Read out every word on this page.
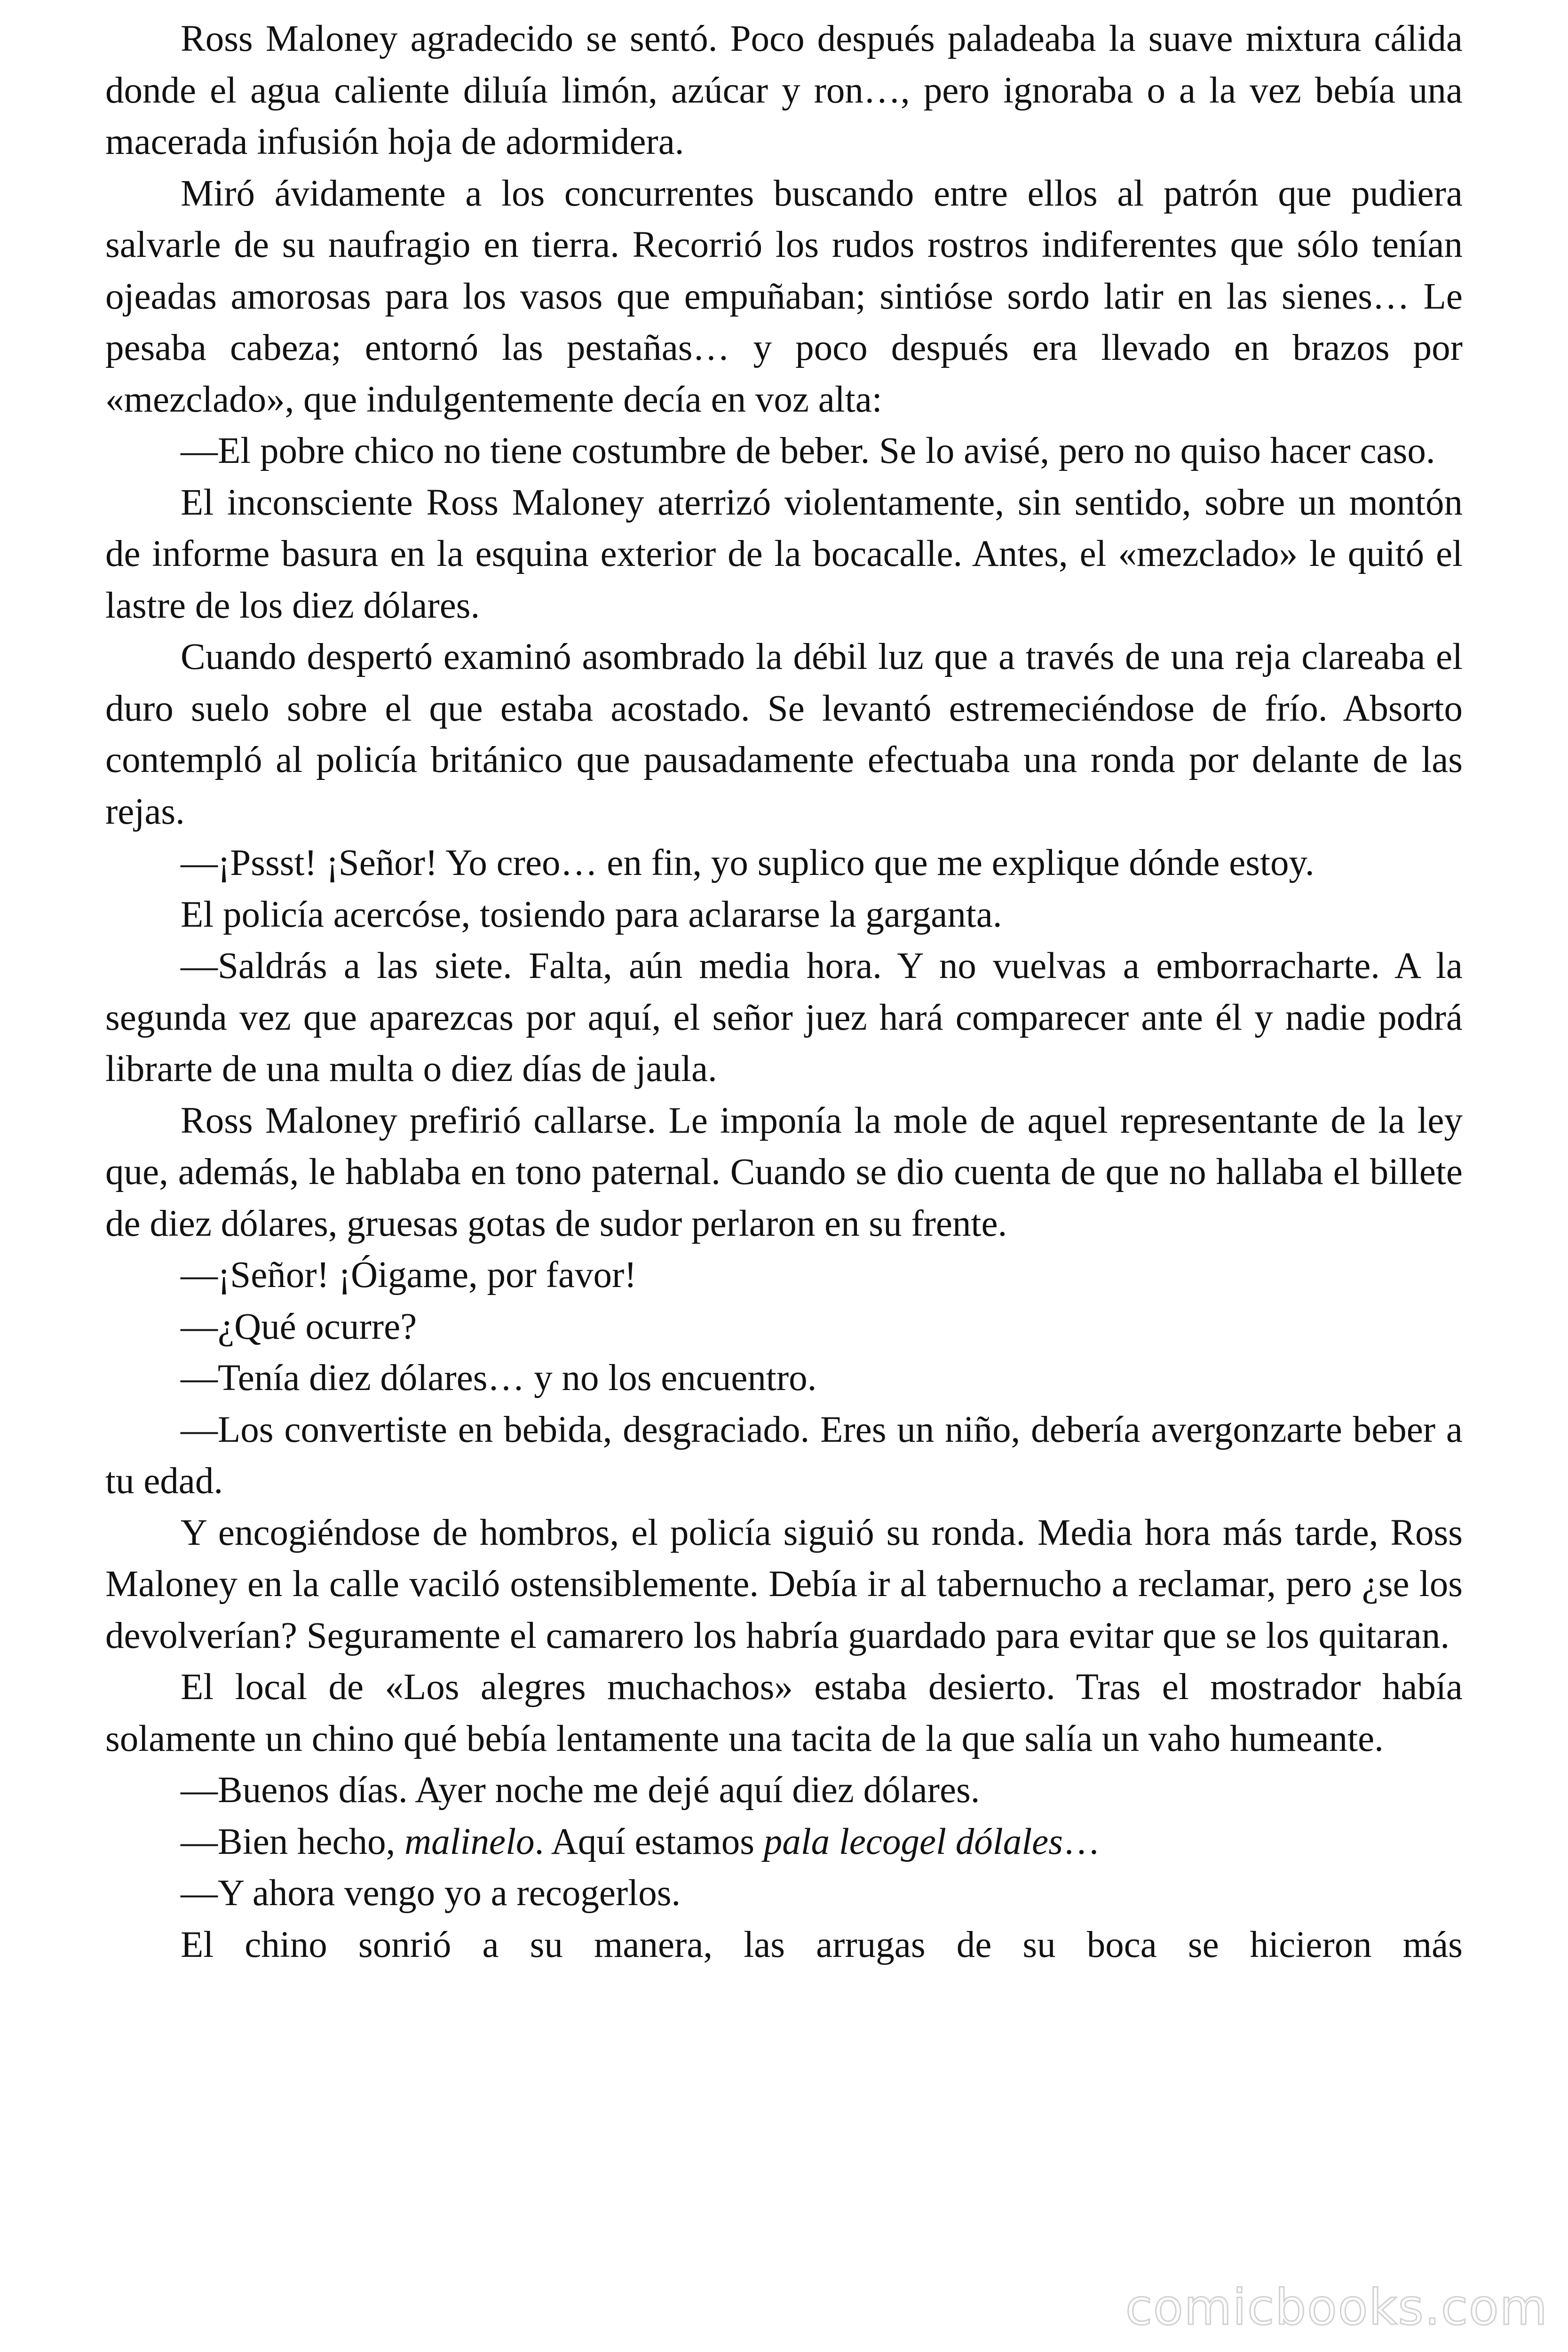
Ross Maloney agradecido se sentó. Poco después paladeaba la suave mixtura cálida donde el agua caliente diluía limón, azúcar y ron…, pero ignoraba o a la vez bebía una macerada infusión hoja de adormidera.

Miró ávidamente a los concurrentes buscando entre ellos al patrón que pudiera salvarle de su naufragio en tierra. Recorrió los rudos rostros indiferentes que sólo tenían ojeadas amorosas para los vasos que empuñaban; sintióse sordo latir en las sienes… Le pesaba cabeza; entornó las pestañas… y poco después era llevado en brazos por «mezclado», que indulgentemente decía en voz alta:

—El pobre chico no tiene costumbre de beber. Se lo avisé, pero no quiso hacer caso.

El inconsciente Ross Maloney aterrizó violentamente, sin sentido, sobre un montón de informe basura en la esquina exterior de la bocacalle. Antes, el «mezclado» le quitó el lastre de los diez dólares.

Cuando despertó examinó asombrado la débil luz que a través de una reja clareaba el duro suelo sobre el que estaba acostado. Se levantó estremeciéndose de frío. Absorto contempló al policía británico que pausadamente efectuaba una ronda por delante de las rejas.

—¡Pssst! ¡Señor! Yo creo… en fin, yo suplico que me explique dónde estoy.

El policía acercóse, tosiendo para aclararse la garganta.

—Saldrás a las siete. Falta, aún media hora. Y no vuelvas a emborracharte. A la segunda vez que aparezcas por aquí, el señor juez hará comparecer ante él y nadie podrá librarte de una multa o diez días de jaula.

Ross Maloney prefirió callarse. Le imponía la mole de aquel representante de la ley que, además, le hablaba en tono paternal. Cuando se dio cuenta de que no hallaba el billete de diez dólares, gruesas gotas de sudor perlaron en su frente.

—¡Señor! ¡Óigame, por favor!

—¿Qué ocurre?

—Tenía diez dólares… y no los encuentro.

—Los convertiste en bebida, desgraciado. Eres un niño, debería avergonzarte beber a tu edad.

Y encogiéndose de hombros, el policía siguió su ronda. Media hora más tarde, Ross Maloney en la calle vaciló ostensiblemente. Debía ir al tabernucho a reclamar, pero ¿se los devolverían? Seguramente el camarero los habría guardado para evitar que se los quitaran.

El local de «Los alegres muchachos» estaba desierto. Tras el mostrador había solamente un chino qué bebía lentamente una tacita de la que salía un vaho humeante.

—Buenos días. Ayer noche me dejé aquí diez dólares.

—Bien hecho, malinelo. Aquí estamos pala lecogel dólales…

—Y ahora vengo yo a recogerlos.

El chino sonrió a su manera, las arrugas de su boca se hicieron más

comicbooks.com
